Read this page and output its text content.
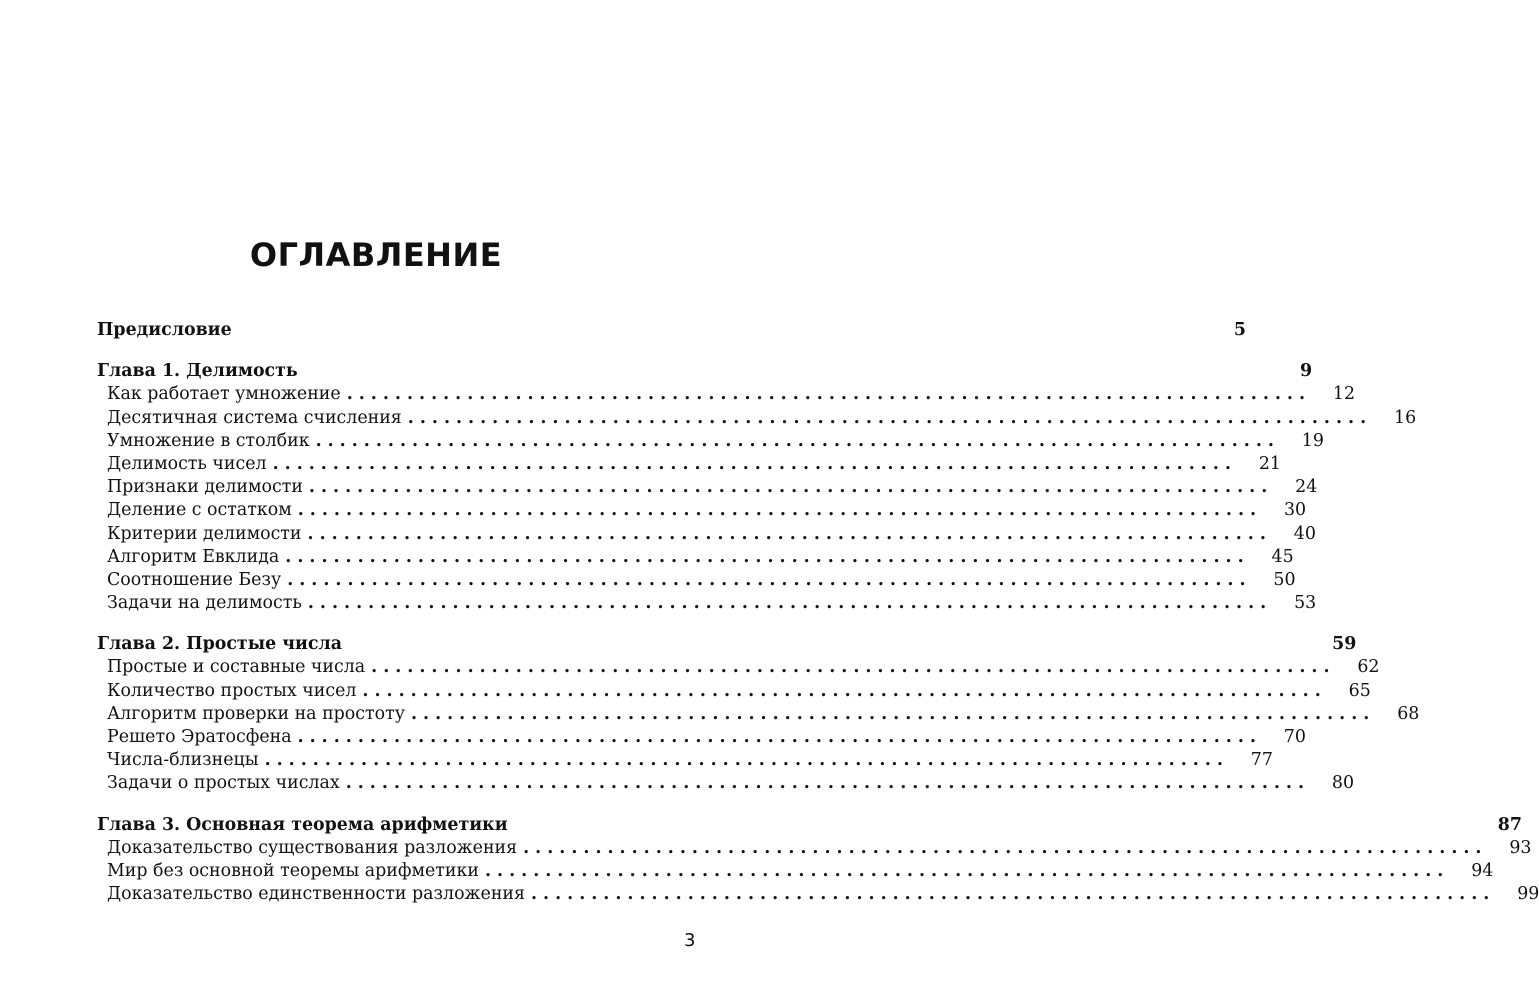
ОГЛАВЛЕНИЕ
Предисловие	5
Глава 1. Делимость	9
Как работает умножение ................................................................................	12
Десятичная система счисления ................................................................................	16
Умножение в столбик ................................................................................	19
Делимость чисел ................................................................................	21
Признаки делимости ................................................................................	24
Деление с остатком ................................................................................	30
Критерии делимости ................................................................................	40
Алгоритм Евклида ................................................................................	45
Соотношение Безу ................................................................................	50
Задачи на делимость ................................................................................	53
Глава 2. Простые числа	59
Простые и составные числа ................................................................................	62
Количество простых чисел ................................................................................	65
Алгоритм проверки на простоту ................................................................................	68
Решето Эратосфена ................................................................................	70
Числа-близнецы ................................................................................	77
Задачи о простых числах ................................................................................	80
Глава 3. Основная теорема арифметики	87
Доказательство существования разложения ................................................................................	93
Мир без основной теоремы арифметики ................................................................................	94
Доказательство единственности разложения ................................................................................	99
3
